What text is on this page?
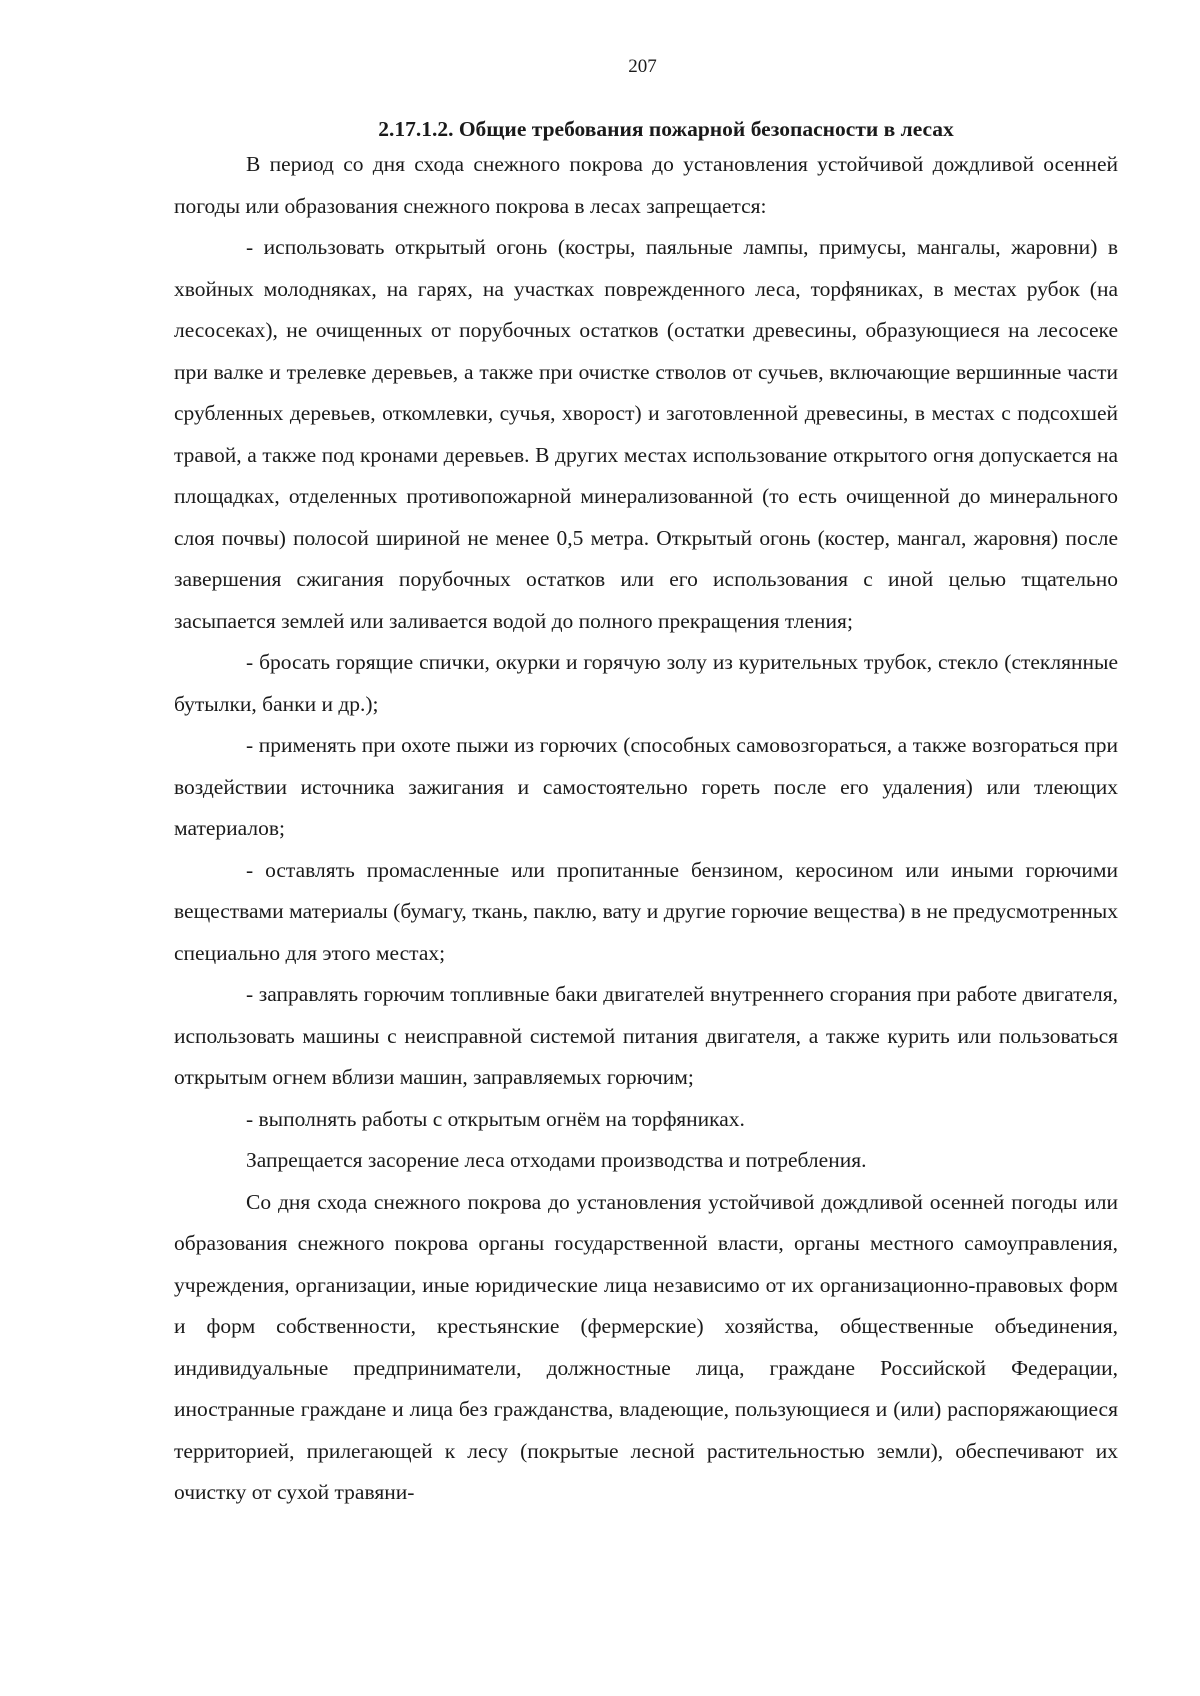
207
2.17.1.2. Общие требования пожарной безопасности в лесах

В период со дня схода снежного покрова до установления устойчивой дождливой осенней погоды или образования снежного покрова в лесах запрещается:

- использовать открытый огонь (костры, паяльные лампы, примусы, мангалы, жаровни) в хвойных молодняках, на гарях, на участках поврежденного леса, торфяниках, в местах рубок (на лесосеках), не очищенных от порубочных остатков (остатки древесины, образующиеся на лесосеке при валке и трелевке деревьев, а также при очистке стволов от сучьев, включающие вершинные части срубленных деревьев, откомлевки, сучья, хворост) и заготовленной древесины, в местах с подсохшей травой, а также под кронами деревьев. В других местах использование открытого огня допускается на площадках, отделенных противопожарной минерализованной (то есть очищенной до минерального слоя почвы) полосой шириной не менее 0,5 метра. Открытый огонь (костер, мангал, жаровня) после завершения сжигания порубочных остатков или его использования с иной целью тщательно засыпается землей или заливается водой до полного прекращения тления;

- бросать горящие спички, окурки и горячую золу из курительных трубок, стекло (стеклянные бутылки, банки и др.);

- применять при охоте пыжи из горючих (способных самовозгораться, а также возгораться при воздействии источника зажигания и самостоятельно гореть после его удаления) или тлеющих материалов;

- оставлять промасленные или пропитанные бензином, керосином или иными горючими веществами материалы (бумагу, ткань, паклю, вату и другие горючие вещества) в не предусмотренных специально для этого местах;

- заправлять горючим топливные баки двигателей внутреннего сгорания при работе двигателя, использовать машины с неисправной системой питания двигателя, а также курить или пользоваться открытым огнем вблизи машин, заправляемых горючим;

- выполнять работы с открытым огнём на торфяниках.

Запрещается засорение леса отходами производства и потребления.

Со дня схода снежного покрова до установления устойчивой дождливой осенней погоды или образования снежного покрова органы государственной власти, органы местного самоуправления, учреждения, организации, иные юридические лица независимо от их организационно-правовых форм и форм собственности, крестьянские (фермерские) хозяйства, общественные объединения, индивидуальные предприниматели, должностные лица, граждане Российской Федерации, иностранные граждане и лица без гражданства, владеющие, пользующиеся и (или) распоряжающиеся территорией, прилегающей к лесу (покрытые лесной растительностью земли), обеспечивают их очистку от сухой травяни-
